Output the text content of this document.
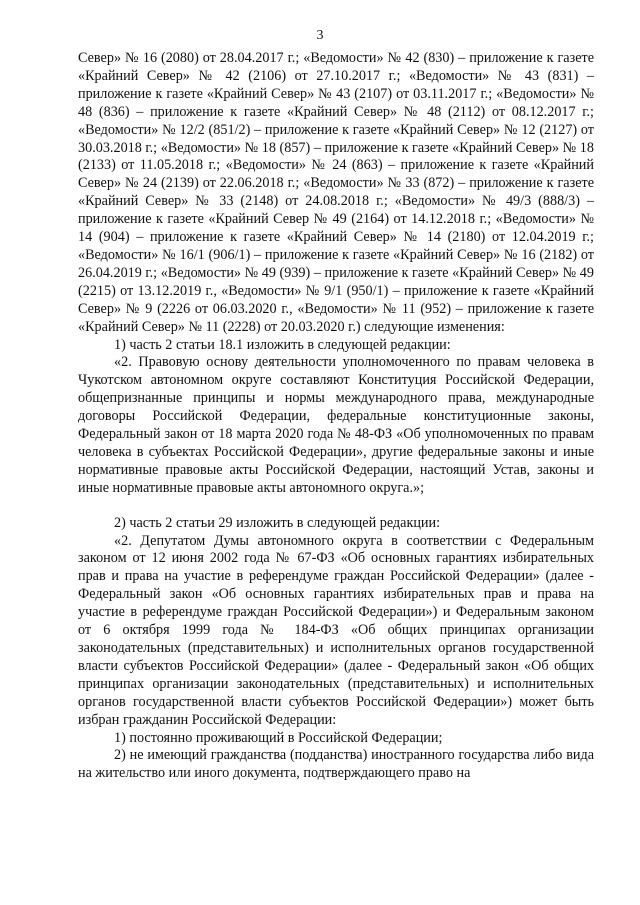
3

Север» № 16 (2080) от 28.04.2017 г.; «Ведомости» № 42 (830) – приложение к газете «Крайний Север» № 42 (2106) от 27.10.2017 г.; «Ведомости» № 43 (831) – приложение к газете «Крайний Север» № 43 (2107) от 03.11.2017 г.; «Ведомости» № 48 (836) – приложение к газете «Крайний Север» № 48 (2112) от 08.12.2017 г.; «Ведомости» № 12/2 (851/2) – приложение к газете «Крайний Север» № 12 (2127) от 30.03.2018 г.; «Ведомости» № 18 (857) – приложение к газете «Крайний Север» № 18 (2133) от 11.05.2018 г.; «Ведомости» № 24 (863) – приложение к газете «Крайний Север» № 24 (2139) от 22.06.2018 г.; «Ведомости» № 33 (872) – приложение к газете «Крайний Север» № 33 (2148) от 24.08.2018 г.; «Ведомости» № 49/3 (888/3) – приложение к газете «Крайний Север № 49 (2164) от 14.12.2018 г.; «Ведомости» № 14 (904) – приложение к газете «Крайний Север» № 14 (2180) от 12.04.2019 г.; «Ведомости» № 16/1 (906/1) – приложение к газете «Крайний Север» № 16 (2182) от 26.04.2019 г.; «Ведомости» № 49 (939) – приложение к газете «Крайний Север» № 49 (2215) от 13.12.2019 г., «Ведомости» № 9/1 (950/1) – приложение к газете «Крайний Север» № 9 (2226 от 06.03.2020 г., «Ведомости» № 11 (952) – приложение к газете «Крайний Север» № 11 (2228) от 20.03.2020 г.) следующие изменения:

1) часть 2 статьи 18.1 изложить в следующей редакции:

«2. Правовую основу деятельности уполномоченного по правам человека в Чукотском автономном округе составляют Конституция Российской Федерации, общепризнанные принципы и нормы международного права, международные договоры Российской Федерации, федеральные конституционные законы, Федеральный закон от 18 марта 2020 года № 48-ФЗ «Об уполномоченных по правам человека в субъектах Российской Федерации», другие федеральные законы и иные нормативные правовые акты Российской Федерации, настоящий Устав, законы и иные нормативные правовые акты автономного округа.»;

2) часть 2 статьи 29 изложить в следующей редакции:

«2. Депутатом Думы автономного округа в соответствии с Федеральным законом от 12 июня 2002 года № 67-ФЗ «Об основных гарантиях избирательных прав и права на участие в референдуме граждан Российской Федерации» (далее - Федеральный закон «Об основных гарантиях избирательных прав и права на участие в референдуме граждан Российской Федерации») и Федеральным законом от 6 октября 1999 года № 184-ФЗ «Об общих принципах организации законодательных (представительных) и исполнительных органов государственной власти субъектов Российской Федерации» (далее - Федеральный закон «Об общих принципах организации законодательных (представительных) и исполнительных органов государственной власти субъектов Российской Федерации») может быть избран гражданин Российской Федерации:

1) постоянно проживающий в Российской Федерации;

2) не имеющий гражданства (подданства) иностранного государства либо вида на жительство или иного документа, подтверждающего право на
